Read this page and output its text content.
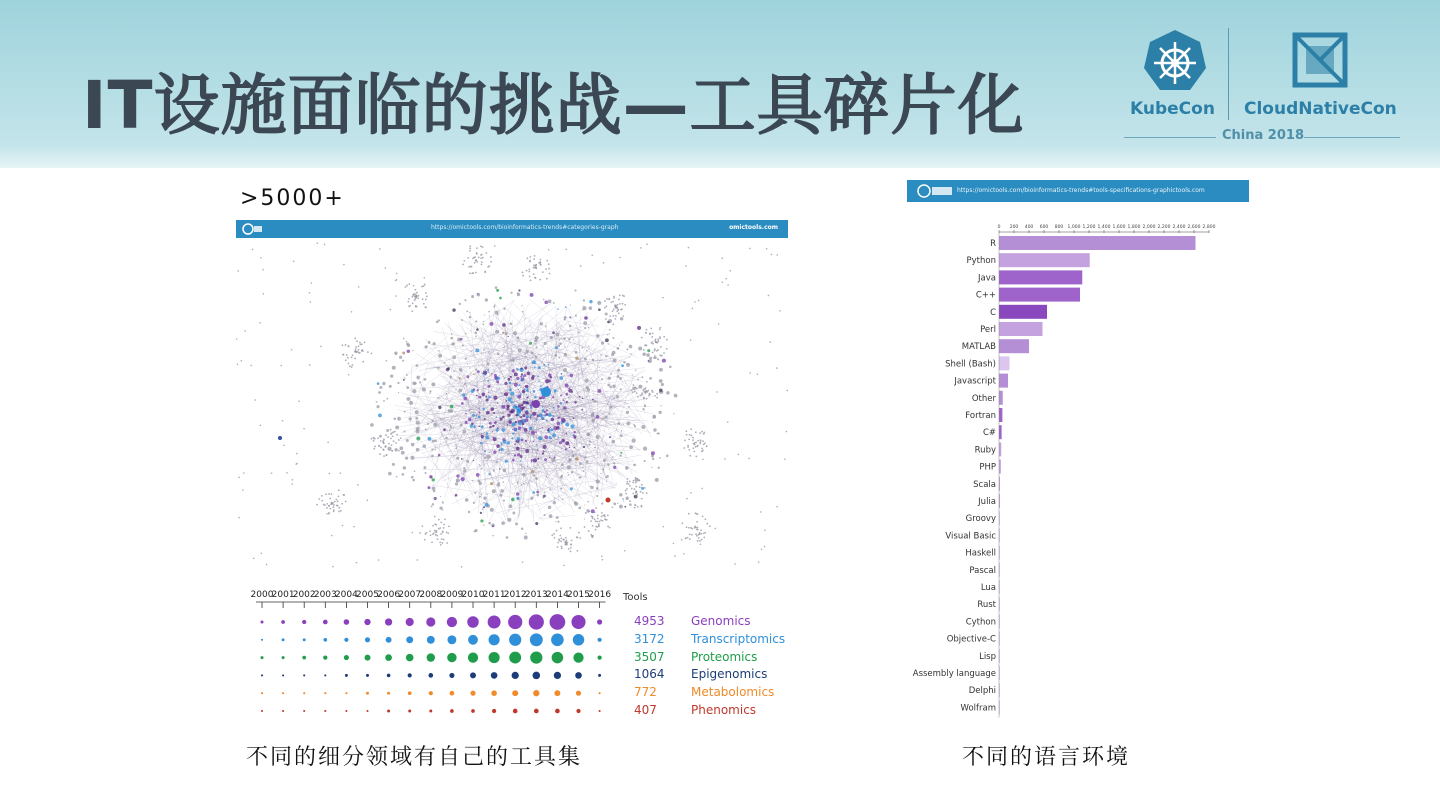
IT设施面临的挑战—工具碎片化	KubeCon CloudNativeCon
China 2018
>5000+
https://omictools.com/bioinformatics-trends#categories-graph	omictools.com
2000
2001
2002
2003
2004
2005
2006
2007
2008
2009
2010
2011
2012
2013
2014
2015
2016 Tools
4953 Genomics
3172 Transcriptomics
3507 Proteomics
1064 Epigenomics
772	Metabolomics
407	Phenomics
不同的细分领域有自己的工具集
https://omictools.com/bioinformatics-trends#tools-specifications-graphictools.com
0 200 400 600 800 1,000 1,200 1,400 1,600 1,800 2,000 2,200 2,400 2,600 2,800
R
Python
Java
C++
C
Perl
MATLAB
Shell (Bash)
Javascript
Other
Fortran
C#
Ruby
PHP
Scala
Julia
Groovy
Visual Basic
Haskell
Pascal
Lua
Rust
Cython
Objective-C
Lisp
Assembly language
Delphi
Wolfram
不同的语言环境
